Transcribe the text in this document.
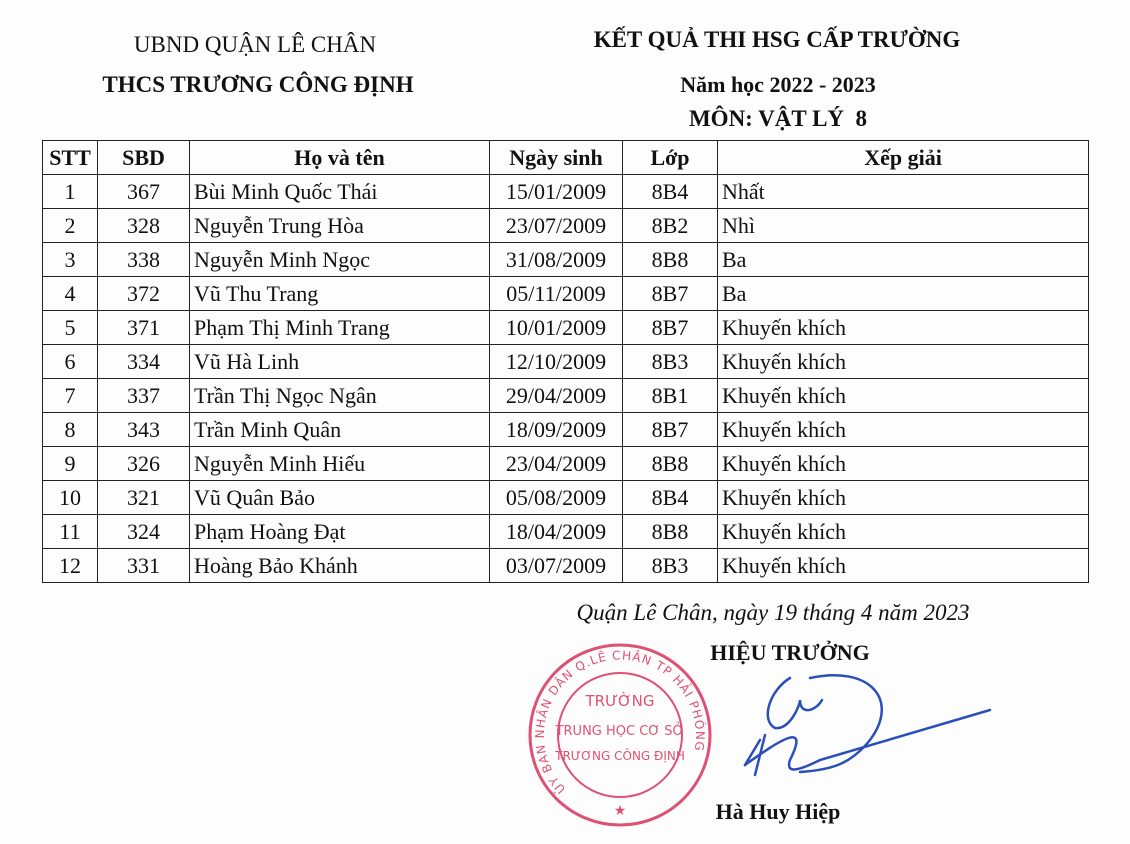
UBND QUẬN LÊ CHÂN
THCS TRƯƠNG CÔNG ĐỊNH
KẾT QUẢ THI HSG CẤP TRƯỜNG
Năm học 2022 - 2023
MÔN: VẬT LÝ  8
STT	SBD	Họ và tên	Ngày sinh	Lớp	Xếp giải
1	367	Bùi Minh Quốc Thái	15/01/2009	8B4	Nhất
2	328	Nguyễn Trung Hòa	23/07/2009	8B2	Nhì
3	338	Nguyễn Minh Ngọc	31/08/2009	8B8	Ba
4	372	Vũ Thu Trang	05/11/2009	8B7	Ba
5	371	Phạm Thị Minh Trang	10/01/2009	8B7	Khuyến khích
6	334	Vũ Hà Linh	12/10/2009	8B3	Khuyến khích
7	337	Trần Thị Ngọc Ngân	29/04/2009	8B1	Khuyến khích
8	343	Trần Minh Quân	18/09/2009	8B7	Khuyến khích
9	326	Nguyễn Minh Hiếu	23/04/2009	8B8	Khuyến khích
10	321	Vũ Quân Bảo	05/08/2009	8B4	Khuyến khích
11	324	Phạm Hoàng Đạt	18/04/2009	8B8	Khuyến khích
12	331	Hoàng Bảo Khánh	03/07/2009	8B3	Khuyến khích
TRƯỜNG
TRUNG HỌC CƠ SỞ
TRƯƠNG CÔNG ĐỊNH
ỦY BAN NHÂN DÂN Q.LÊ CHÂN TP HẢI PHÒNG
★
Quận Lê Chân, ngày 19 tháng 4 năm 2023
HIỆU TRƯỞNG
Hà Huy Hiệp
